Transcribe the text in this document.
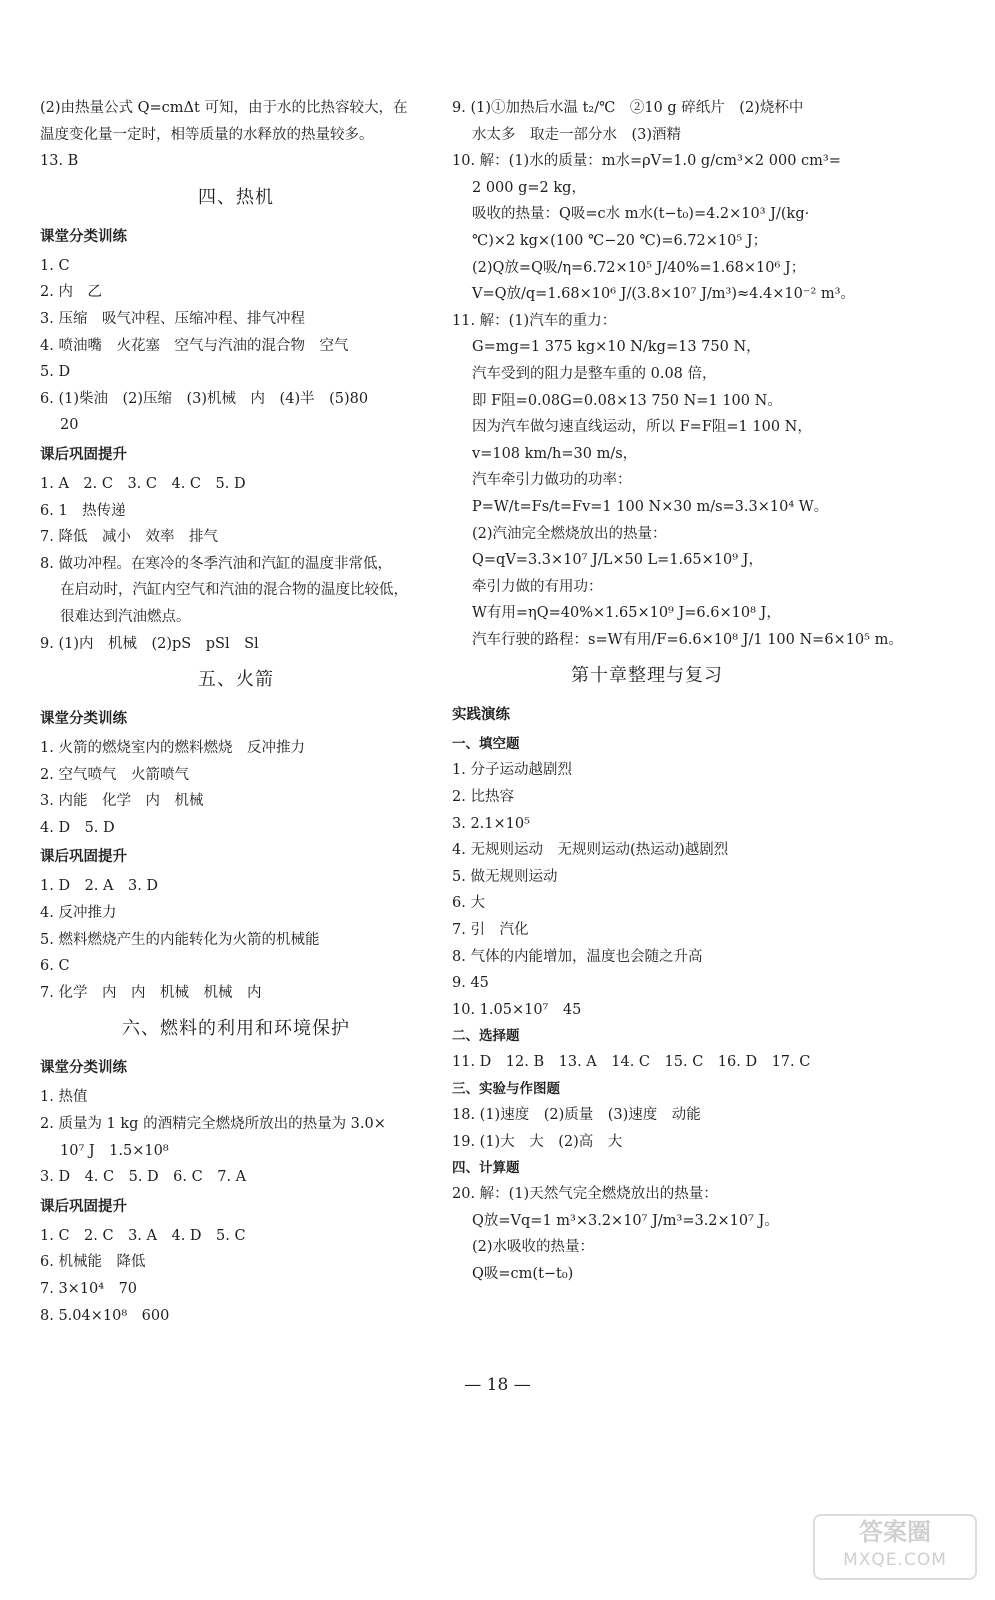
(2)由热量公式 Q=cmΔt 可知，由于水的比热容较大，在
温度变化量一定时，相等质量的水释放的热量较多。
13. B
四、热机
课堂分类训练
1. C
2. 内　乙
3. 压缩　吸气冲程、压缩冲程、排气冲程
4. 喷油嘴　火花塞　空气与汽油的混合物　空气
5. D
6. (1)柴油　(2)压缩　(3)机械　内　(4)半　(5)80
20
课后巩固提升
1. A　2. C　3. C　4. C　5. D
6. 1　热传递
7. 降低　减小　效率　排气
8. 做功冲程。在寒冷的冬季汽油和汽缸的温度非常低，
在启动时，汽缸内空气和汽油的混合物的温度比较低，
很难达到汽油燃点。
9. (1)内　机械　(2)pS　pSl　Sl
五、火箭
课堂分类训练
1. 火箭的燃烧室内的燃料燃烧　反冲推力
2. 空气喷气　火箭喷气
3. 内能　化学　内　机械
4. D　5. D
课后巩固提升
1. D　2. A　3. D
4. 反冲推力
5. 燃料燃烧产生的内能转化为火箭的机械能
6. C
7. 化学　内　内　机械　机械　内
六、燃料的利用和环境保护
课堂分类训练
1. 热值
2. 质量为 1 kg 的酒精完全燃烧所放出的热量为 3.0×
10⁷ J　1.5×10⁸
3. D　4. C　5. D　6. C　7. A
课后巩固提升
1. C　2. C　3. A　4. D　5. C
6. 机械能　降低
7. 3×10⁴　70
8. 5.04×10⁸　600
9. (1)①加热后水温 t₂/℃　②10 g 碎纸片　(2)烧杯中
水太多　取走一部分水　(3)酒精
10. 解：(1)水的质量：m水=ρV=1.0 g/cm³×2 000 cm³=
2 000 g=2 kg，
吸收的热量：Q吸=c水 m水(t−t₀)=4.2×10³ J/(kg·
℃)×2 kg×(100 ℃−20 ℃)=6.72×10⁵ J；
(2)Q放=Q吸/η=6.72×10⁵ J/40%=1.68×10⁶ J；
V=Q放/q=1.68×10⁶ J/(3.8×10⁷ J/m³)≈4.4×10⁻² m³。
11. 解：(1)汽车的重力：
G=mg=1 375 kg×10 N/kg=13 750 N，
汽车受到的阻力是整车重的 0.08 倍，
即 F阻=0.08G=0.08×13 750 N=1 100 N。
因为汽车做匀速直线运动，所以 F=F阻=1 100 N，
v=108 km/h=30 m/s，
汽车牵引力做功的功率：
P=W/t=Fs/t=Fv=1 100 N×30 m/s=3.3×10⁴ W。
(2)汽油完全燃烧放出的热量：
Q=qV=3.3×10⁷ J/L×50 L=1.65×10⁹ J，
牵引力做的有用功：
W有用=ηQ=40%×1.65×10⁹ J=6.6×10⁸ J，
汽车行驶的路程：s=W有用/F=6.6×10⁸ J/1 100 N=6×10⁵ m。
第十章整理与复习
实践演练
一、填空题
1. 分子运动越剧烈
2. 比热容
3. 2.1×10⁵
4. 无规则运动　无规则运动(热运动)越剧烈
5. 做无规则运动
6. 大
7. 引　汽化
8. 气体的内能增加，温度也会随之升高
9. 45
10. 1.05×10⁷　45
二、选择题
11. D　12. B　13. A　14. C　15. C　16. D　17. C
三、实验与作图题
18. (1)速度　(2)质量　(3)速度　动能
19. (1)大　大　(2)高　大
四、计算题
20. 解：(1)天然气完全燃烧放出的热量：
Q放=Vq=1 m³×3.2×10⁷ J/m³=3.2×10⁷ J。
(2)水吸收的热量：
Q吸=cm(t−t₀)
— 18 —
答案圈
MXQE.COM
